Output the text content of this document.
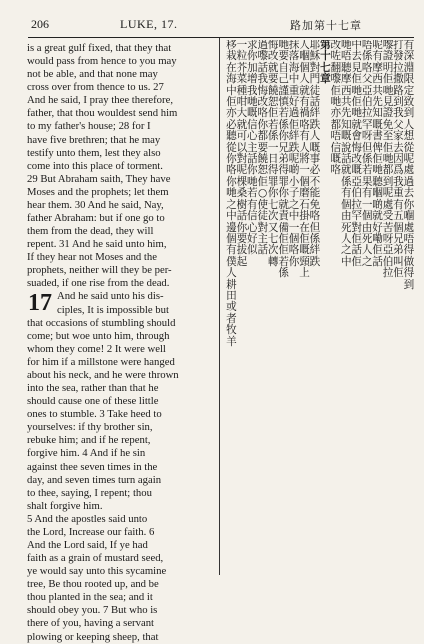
206	LUKE, 17.	路加第十七章
is a great gulf fixed, that they that
would pass from hence to you may
not be able, and that none may
cross over from thence to us. 27
And he said, I pray thee therefore,
father, that thou wouldest send him
to my father's house; 28 for I
have five brethren; that he may
testify unto them, lest they also
come into this place of torment.
29 But Abraham saith, They have
Moses and the prophets; let them
hear them. 30 And he said, Nay,
father Abraham: but if one go to
them from the dead, they will
repent. 31 And he said unto him,
If they hear not Moses and the
prophets, neither will they be per-
suaded, if one rise from the dead.
17 And he said unto his dis-
ciples, It is impossible but
that occasions of stumbling should
come; but woe unto him, through
whom they come! 2 It were well
for him if a millstone were hanged
about his neck, and he were thrown
into the sea, rather than that he
should cause one of these little
ones to stumble. 3 Take heed to
yourselves: if thy brother sin,
rebuke him; and if he repent,
forgive him. 4 And if he sin
against thee seven times in the
day, and seven times turn again
to thee, saying, I repent; thou
shalt forgive him.
5 And the apostles said unto
the Lord, Increase our faith. 6
And the Lord said, If ye had
faith as a grain of mustard seed,
ye would say unto this sycamine
tree, Be thou rooted up, and be
thou planted in the sea; and it
should obey you. 7 But who is
there of you, having a servant
plowing or keeping sheep, that
有深淵限定致到人想從呢處過去你嗰處唔得做得到
打發拉撒路到我父家去因爲我重有五個兄弟叫佢
嚟證明佢哋見證免至佢哋都到呢處受苦呀亞伯拉
呢有摩西共先知嘅書俾佢哋聽嗰啲就好嘞佢話
唔係咯父亞伯拉罕呀但係若果有一個由死人之
中去見佢哋佢哋就會悔改嘅亞伯拉罕對佢話佢
哋唔聽摩西共先知嘅說話就係有個由死人之中
改咗翻嚟佢哋亦都唔信嘅咯
第十七章
耶穌對門徒話絆跌人嘅事必不能免咯但係絆跌
人嗰個人就有禍咯有人將一個磨石掛在佢嘅頸上
抹落海中重好過佢絆跌呢啲小子之中一個咯你
哋要自己謹慎若係你兄弟得罪你就責備佢佢若係
悔改就要饒恕佢若係一日得罪你七次又七次轉
過嚟話我悔改咯你都要饒恕佢○使徒對主話
求你加增我哋嘅信心主話你哋若有信心好似
一粒芥菜種咁大就可以對呢棵桑樹話你要拔起
移栽在海中佢亦必聽從你咯你哋之中邊個有僕人耕田或者牧羊
